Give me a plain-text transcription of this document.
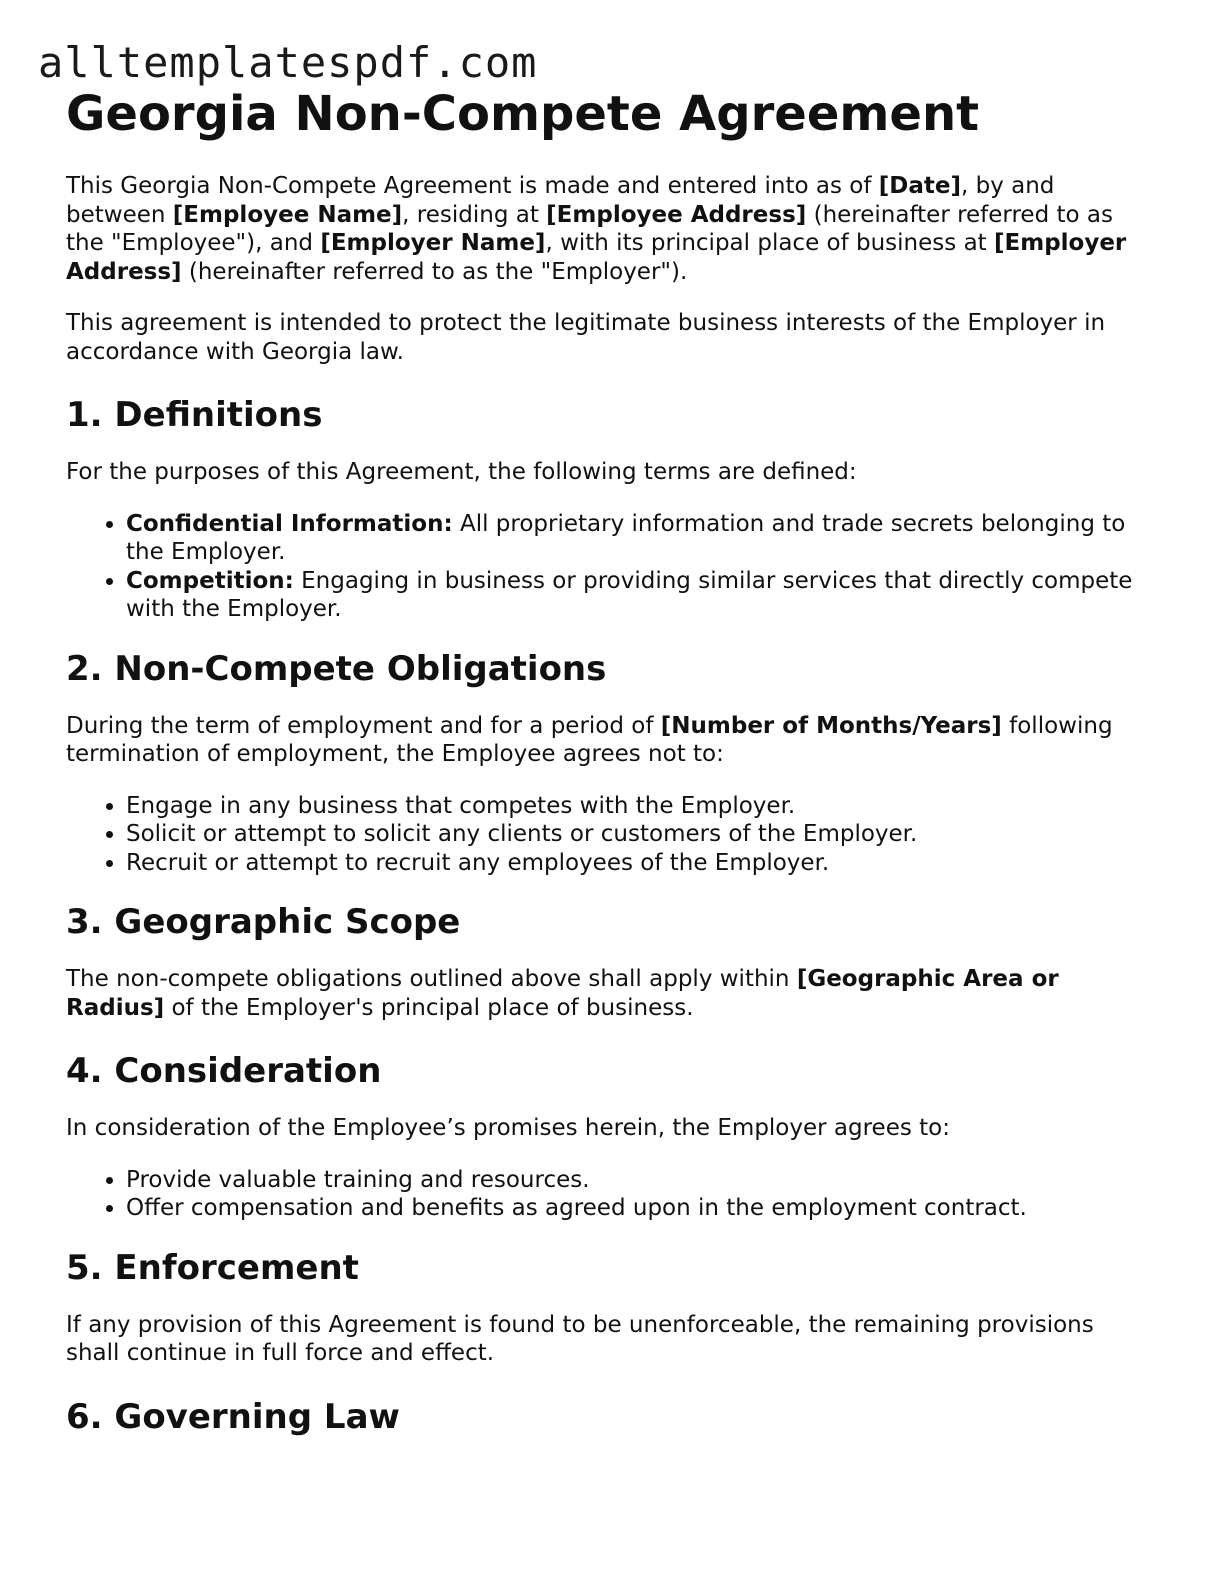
alltemplatespdf.com
Georgia Non-Compete Agreement

This Georgia Non-Compete Agreement is made and entered into as of [Date], by and between [Employee Name], residing at [Employee Address] (hereinafter referred to as the "Employee"), and [Employer Name], with its principal place of business at [Employer Address] (hereinafter referred to as the "Employer").

This agreement is intended to protect the legitimate business interests of the Employer in accordance with Georgia law.

1. Definitions

For the purposes of this Agreement, the following terms are defined:

• Confidential Information: All proprietary information and trade secrets belonging to the Employer.
• Competition: Engaging in business or providing similar services that directly compete with the Employer.
2. Non-Compete Obligations

During the term of employment and for a period of [Number of Months/Years] following termination of employment, the Employee agrees not to:

• Engage in any business that competes with the Employer.
• Solicit or attempt to solicit any clients or customers of the Employer.
• Recruit or attempt to recruit any employees of the Employer.
3. Geographic Scope

The non-compete obligations outlined above shall apply within [Geographic Area or Radius] of the Employer's principal place of business.

4. Consideration

In consideration of the Employee’s promises herein, the Employer agrees to:

• Provide valuable training and resources.
• Offer compensation and benefits as agreed upon in the employment contract.
5. Enforcement

If any provision of this Agreement is found to be unenforceable, the remaining provisions shall continue in full force and effect.

6. Governing Law
